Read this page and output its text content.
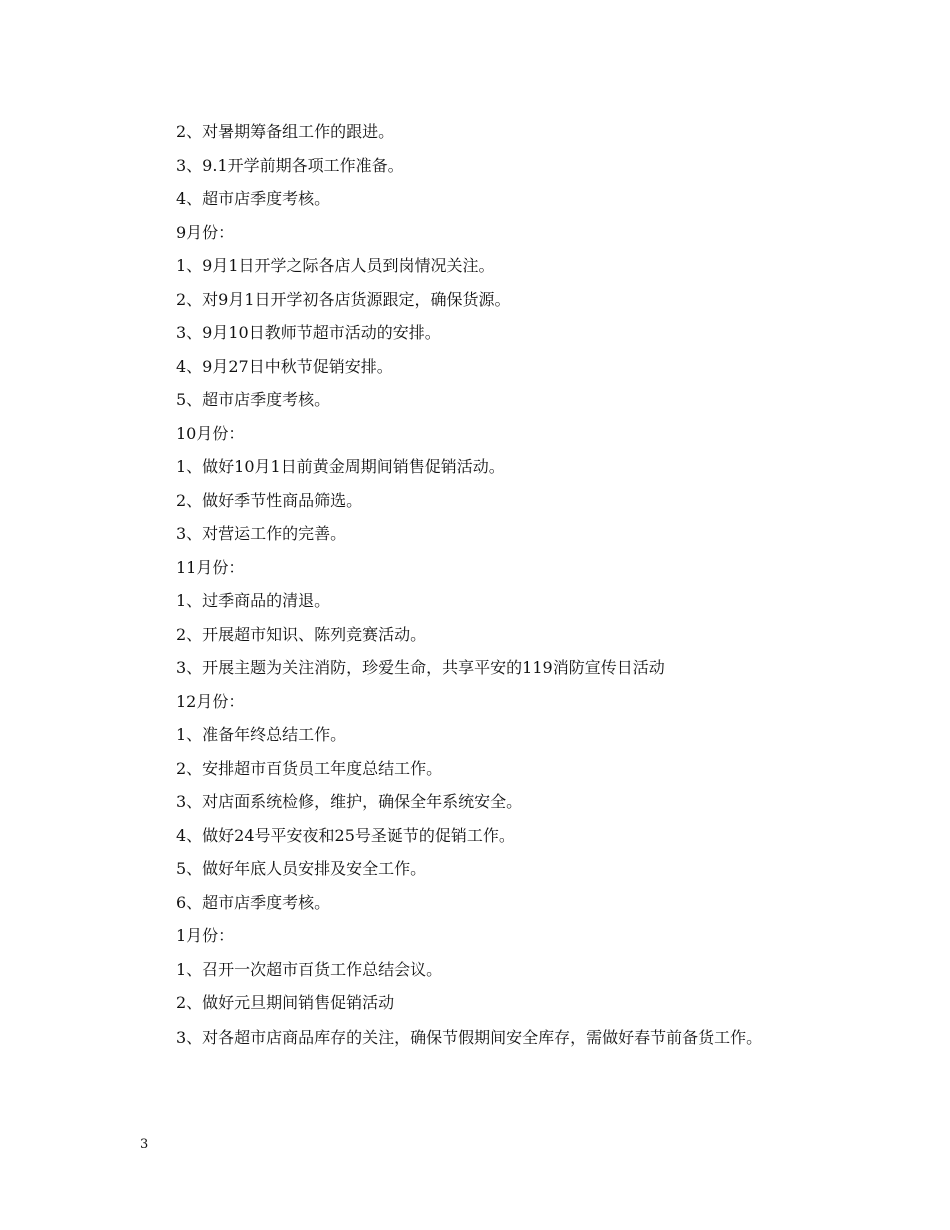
2、对暑期筹备组工作的跟进。
3、9.1开学前期各项工作准备。
4、超市店季度考核。
9月份：
1、9月1日开学之际各店人员到岗情况关注。
2、对9月1日开学初各店货源跟定，确保货源。
3、9月10日教师节超市活动的安排。
4、9月27日中秋节促销安排。
5、超市店季度考核。
10月份：
1、做好10月1日前黄金周期间销售促销活动。
2、做好季节性商品筛选。
3、对营运工作的完善。
11月份：
1、过季商品的清退。
2、开展超市知识、陈列竞赛活动。
3、开展主题为关注消防，珍爱生命，共享平安的119消防宣传日活动
12月份：
1、准备年终总结工作。
2、安排超市百货员工年度总结工作。
3、对店面系统检修，维护，确保全年系统安全。
4、做好24号平安夜和25号圣诞节的促销工作。
5、做好年底人员安排及安全工作。
6、超市店季度考核。
1月份：
1、召开一次超市百货工作总结会议。
2、做好元旦期间销售促销活动
3、对各超市店商品库存的关注，确保节假期间安全库存，需做好春节前备货工作。
3
